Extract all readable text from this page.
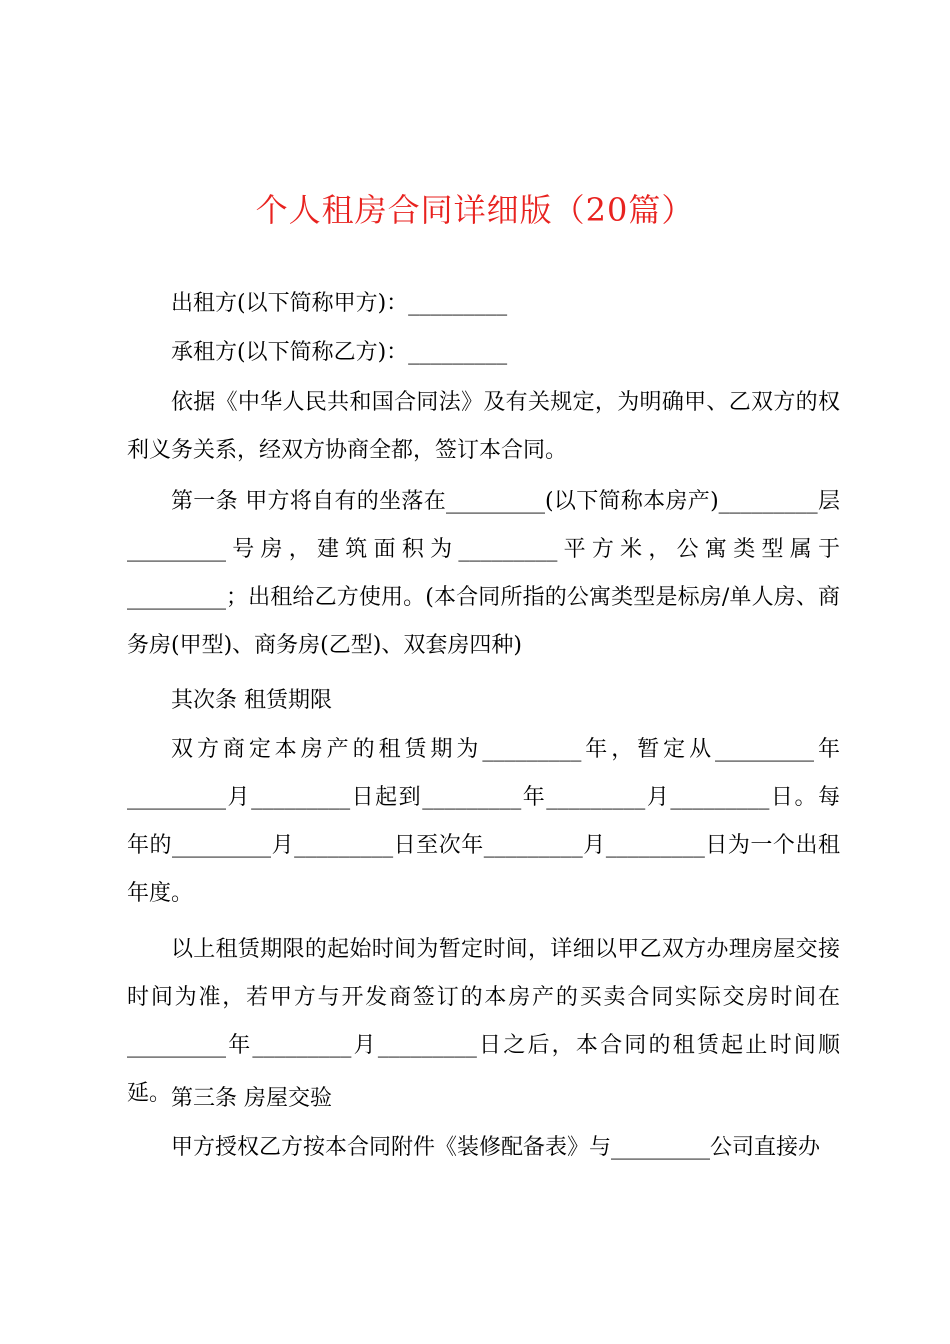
个人租房合同详细版（20篇）
出租方(以下简称甲方)：_________
承租方(以下简称乙方)：_________
依据《中华人民共和国合同法》及有关规定，为明确甲、乙双方的权利义务关系，经双方协商全都，签订本合同。
第一条 甲方将自有的坐落在_________(以下简称本房产)_________层_________号房，建筑面积为_________平方米，公寓类型属于_________；出租给乙方使用。(本合同所指的公寓类型是标房/单人房、商务房(甲型)、商务房(乙型)、双套房四种)
其次条 租赁期限
双方商定本房产的租赁期为_________年，暂定从_________年_________月_________日起到_________年_________月_________日。每年的_________月_________日至次年_________月_________日为一个出租年度。
以上租赁期限的起始时间为暂定时间，详细以甲乙双方办理房屋交接时间为准，若甲方与开发商签订的本房产的买卖合同实际交房时间在_________年_________月_________日之后，本合同的租赁起止时间顺延。 第三条 房屋交验
甲方授权乙方按本合同附件《装修配备表》与_________公司直接办
